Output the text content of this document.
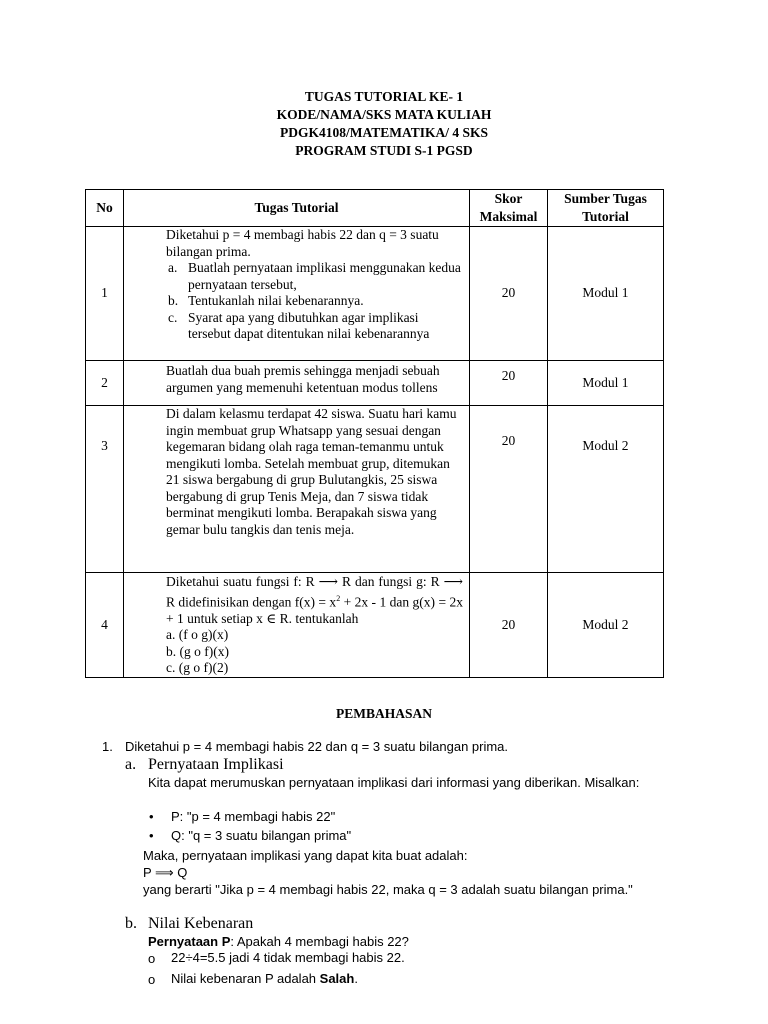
TUGAS TUTORIAL KE- 1
KODE/NAMA/SKS MATA KULIAH
PDGK4108/MATEMATIKA/ 4 SKS
PROGRAM STUDI S-1 PGSD
No	Tugas Tutorial	Skor Maksimal	Sumber Tugas Tutorial
1	Diketahui p = 4 membagi habis 22 dan q = 3 suatu bilangan prima.

a. Buatlah pernyataan implikasi menggunakan kedua pernyataan tersebut,
b. Tentukanlah nilai kebenarannya.
c. Syarat apa yang dibutuhkan agar implikasi tersebut dapat ditentukan nilai kebenarannya	20	Modul 1
2	Buatlah dua buah premis sehingga menjadi sebuah argumen yang memenuhi ketentuan modus tollens	20	Modul 1
3	Di dalam kelasmu terdapat 42 siswa. Suatu hari kamu ingin membuat grup Whatsapp yang sesuai dengan kegemaran bidang olah raga teman-temanmu untuk mengikuti lomba. Setelah membuat grup, ditemukan 21 siswa bergabung di grup Bulutangkis, 25 siswa bergabung di grup Tenis Meja, dan 7 siswa tidak berminat mengikuti lomba. Berapakah siswa yang gemar bulu tangkis dan tenis meja.	20	Modul 2
4	Diketahui suatu fungsi f: R ⟶ R dan fungsi g: R ⟶ R didefinisikan dengan $f(x) = x^2 + 2x - 1$ dan g(x) = 2x + 1 untuk setiap x ∈ R. tentukanlah

a. (f o g)(x)
b. (g o f)(x)
c. (g o f)(2)	20	Modul 2
PEMBAHASAN
1. Diketahui p = 4 membagi habis 22 dan q = 3 suatu bilangan prima.
a. Pernyataan Implikasi
Kita dapat merumuskan pernyataan implikasi dari informasi yang diberikan. Misalkan:
• P: "p = 4 membagi habis 22"
• Q: "q = 3 suatu bilangan prima"
Maka, pernyataan implikasi yang dapat kita buat adalah:
P ⟹ Q
yang berarti "Jika p = 4 membagi habis 22, maka q = 3 adalah suatu bilangan prima."
b. Nilai Kebenaran
Pernyataan P: Apakah 4 membagi habis 22?
o 22÷4=5.5 jadi 4 tidak membagi habis 22.
o Nilai kebenaran P adalah Salah.
